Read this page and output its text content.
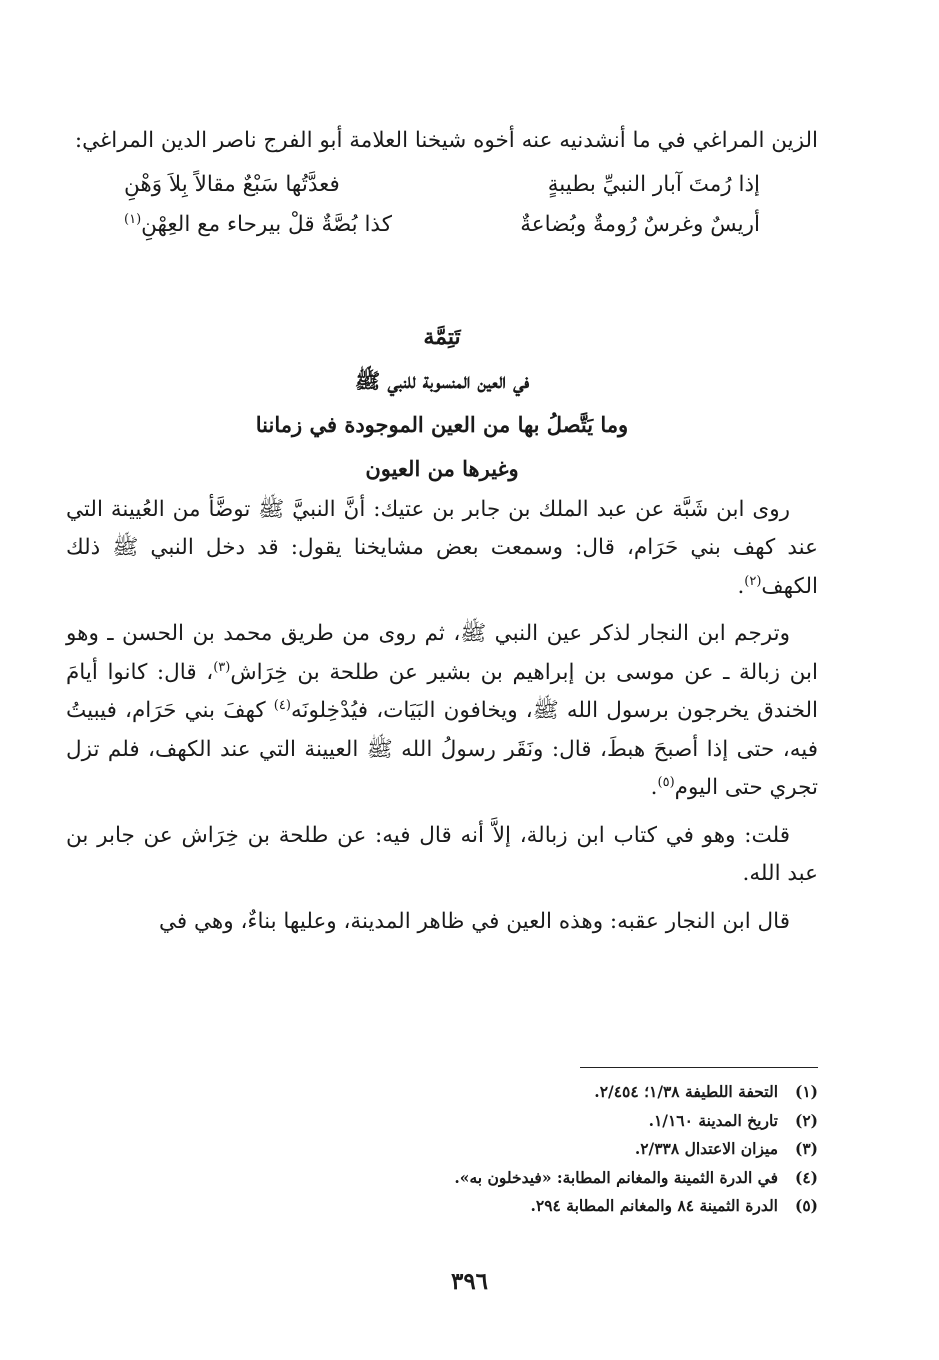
الزين المراغي في ما أنشدنيه عنه أخوه شيخنا العلامة أبو الفرج ناصر الدين المراغي:

إذا رُمتَ آبار النبيِّ بطيبةٍ
فعدَّتُها سَبْعٌ مقالاً بِلاَ وَهْنِ
أريسٌ وغرسٌ رُومةٌ وبُضاعةٌ
كذا بُصَّةٌ قلْ بيرحاء مع العِهْنِ$^{(١)}$

تَتِمَّة

في العين المنسوبة للنبي ﷺ

وما يَتَّصلُ بها من العين الموجودة في زماننا

وغيرها من العيون

روى ابن شَبَّة عن عبد الملك بن جابر بن عتيك: أنَّ النبيَّ ﷺ توضَّأ من العُيينة التي عند كهف بني حَرَام، قال: وسمعت بعض مشايخنا يقول: قد دخل النبي ﷺ ذلك الكهف$^{(٢)}$.

وترجم ابن النجار لذكر عين النبي ﷺ، ثم روى من طريق محمد بن الحسن ـ وهو ابن زبالة ـ عن موسى بن إبراهيم بن بشير عن طلحة بن خِرَاش$^{(٣)}$، قال: كانوا أيامَ الخندق يخرجون برسول الله ﷺ، ويخافون البَيَات، فيُدْخِلونَه$^{(٤)}$ كهفَ بني حَرَام، فيبيتُ فيه، حتى إذا أصبحَ هبطَ، قال: ونَقَر رسولُ الله ﷺ العيينة التي عند الكهف، فلم تزل تجري حتى اليوم$^{(٥)}$.

قلت: وهو في كتاب ابن زبالة، إلاَّ أنه قال فيه: عن طلحة بن خِرَاش عن جابر بن عبد الله.

قال ابن النجار عقبه: وهذه العين في ظاهر المدينة، وعليها بناءٌ، وهي في

(١)
التحفة اللطيفة ١/٣٨؛ ٢/٤٥٤.
(٢)
تاريخ المدينة ١/١٦٠.
(٣)
ميزان الاعتدال ٢/٣٣٨.
(٤)
في الدرة الثمينة والمغانم المطابة: «فيدخلون به».
(٥)
الدرة الثمينة ٨٤ والمغانم المطابة ٢٩٤.
٣٩٦
